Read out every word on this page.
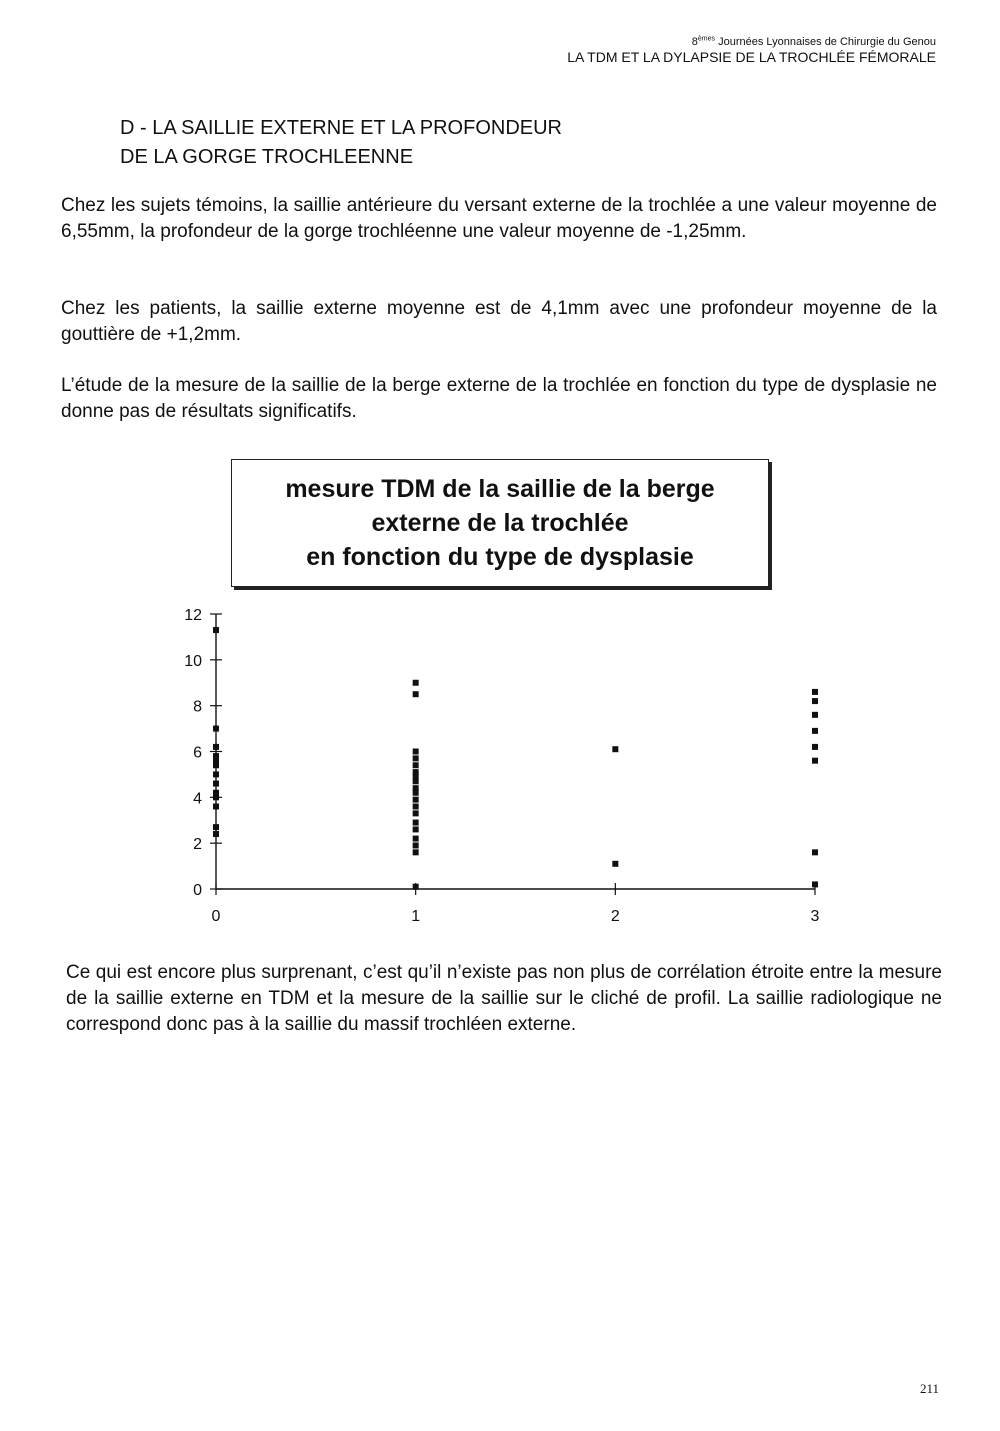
8èmes Journées Lyonnaises de Chirurgie du Genou
LA TDM ET LA DYLAPSIE DE LA TROCHLÉE FÉMORALE
D - LA SAILLIE EXTERNE ET LA PROFONDEUR
DE LA GORGE TROCHLEENNE

Chez les sujets témoins, la saillie antérieure du versant externe de la trochlée a une valeur moyenne de 6,55mm, la profondeur de la gorge trochléenne une valeur moyenne de -1,25mm.

Chez les patients, la saillie externe moyenne est de 4,1mm avec une profondeur moyenne de la gouttière de +1,2mm.

L’étude de la mesure de la saillie de la berge externe de la trochlée en fonction du type de dysplasie ne donne pas de résultats significatifs.

mesure TDM de la saillie de la berge
externe de la trochlée
en fonction du type de dysplasie
0
2
4
6
8
10
12
0	1	2	3

Ce qui est encore plus surprenant, c’est qu’il n’existe pas non plus de corrélation étroite entre la mesure de la saillie externe en TDM et la mesure de la saillie sur le cliché de profil. La saillie radiologique ne correspond donc pas à la saillie du massif trochléen externe.

211
